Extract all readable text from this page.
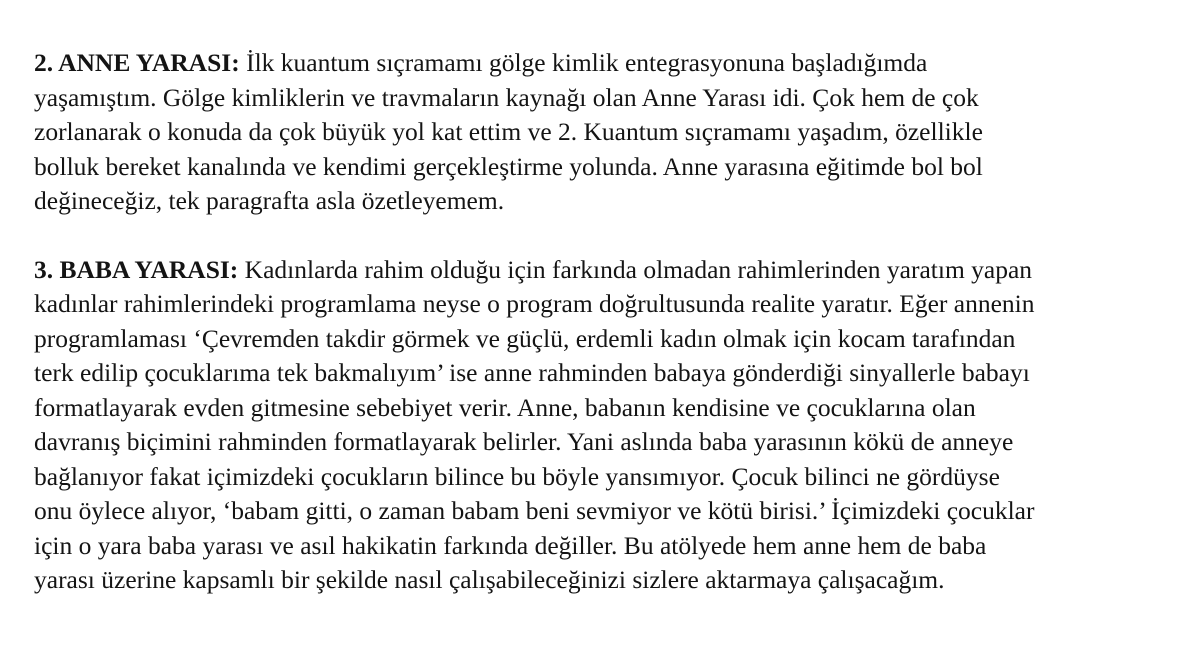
2. ANNE YARASI: İlk kuantum sıçramamı gölge kimlik entegrasyonuna başladığımda
yaşamıştım. Gölge kimliklerin ve travmaların kaynağı olan Anne Yarası idi. Çok hem de çok
zorlanarak o konuda da çok büyük yol kat ettim ve 2. Kuantum sıçramamı yaşadım, özellikle
bolluk bereket kanalında ve kendimi gerçekleştirme yolunda. Anne yarasına eğitimde bol bol
değineceğiz, tek paragrafta asla özetleyemem.

3. BABA YARASI: Kadınlarda rahim olduğu için farkında olmadan rahimlerinden yaratım yapan
kadınlar rahimlerindeki programlama neyse o program doğrultusunda realite yaratır. Eğer annenin
programlaması ‘Çevremden takdir görmek ve güçlü, erdemli kadın olmak için kocam tarafından
terk edilip çocuklarıma tek bakmalıyım’ ise anne rahminden babaya gönderdiği sinyallerle babayı
formatlayarak evden gitmesine sebebiyet verir. Anne, babanın kendisine ve çocuklarına olan
davranış biçimini rahminden formatlayarak belirler. Yani aslında baba yarasının kökü de anneye
bağlanıyor fakat içimizdeki çocukların bilince bu böyle yansımıyor. Çocuk bilinci ne gördüyse
onu öylece alıyor, ‘babam gitti, o zaman babam beni sevmiyor ve kötü birisi.’ İçimizdeki çocuklar
için o yara baba yarası ve asıl hakikatin farkında değiller. Bu atölyede hem anne hem de baba
yarası üzerine kapsamlı bir şekilde nasıl çalışabileceğinizi sizlere aktarmaya çalışacağım.
